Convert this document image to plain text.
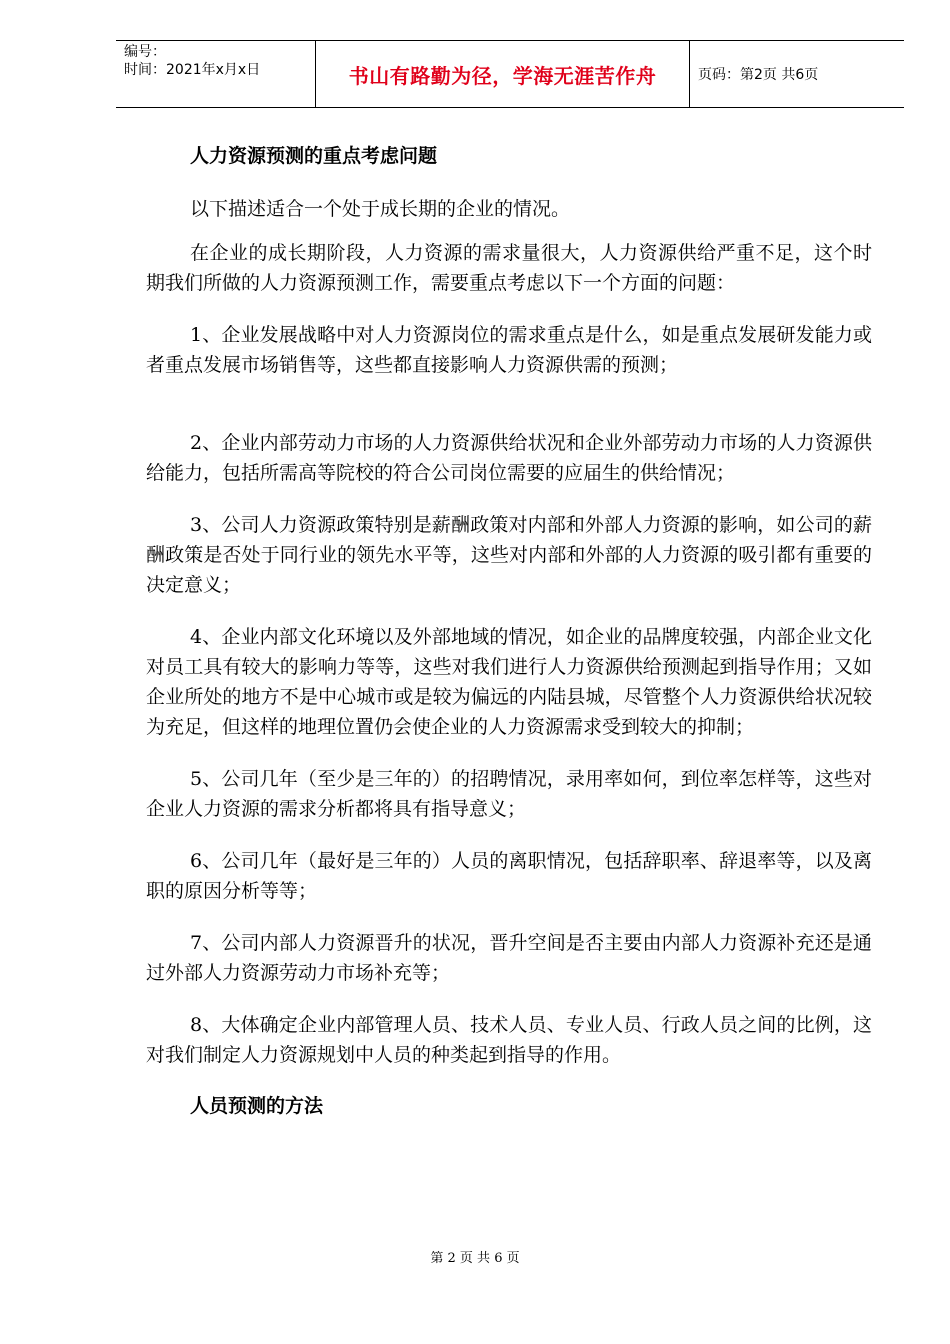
编号：
时间：2021年x月x日	书山有路勤为径，学海无涯苦作舟	页码：第2页 共6页
人力资源预测的重点考虑问题

以下描述适合一个处于成长期的企业的情况。

在企业的成长期阶段，人力资源的需求量很大，人力资源供给严重不足，这个时期我们所做的人力资源预测工作，需要重点考虑以下一个方面的问题：

1、企业发展战略中对人力资源岗位的需求重点是什么，如是重点发展研发能力或者重点发展市场销售等，这些都直接影响人力资源供需的预测；

2、企业内部劳动力市场的人力资源供给状况和企业外部劳动力市场的人力资源供给能力，包括所需高等院校的符合公司岗位需要的应届生的供给情况；

3、公司人力资源政策特别是薪酬政策对内部和外部人力资源的影响，如公司的薪酬政策是否处于同行业的领先水平等，这些对内部和外部的人力资源的吸引都有重要的决定意义；

4、企业内部文化环境以及外部地域的情况，如企业的品牌度较强，内部企业文化对员工具有较大的影响力等等，这些对我们进行人力资源供给预测起到指导作用；又如企业所处的地方不是中心城市或是较为偏远的内陆县城，尽管整个人力资源供给状况较为充足，但这样的地理位置仍会使企业的人力资源需求受到较大的抑制；

5、公司几年（至少是三年的）的招聘情况，录用率如何，到位率怎样等，这些对企业人力资源的需求分析都将具有指导意义；

6、公司几年（最好是三年的）人员的离职情况，包括辞职率、辞退率等，以及离职的原因分析等等；

7、公司内部人力资源晋升的状况，晋升空间是否主要由内部人力资源补充还是通过外部人力资源劳动力市场补充等；

8、大体确定企业内部管理人员、技术人员、专业人员、行政人员之间的比例，这对我们制定人力资源规划中人员的种类起到指导的作用。

人员预测的方法
第 2 页 共 6 页
